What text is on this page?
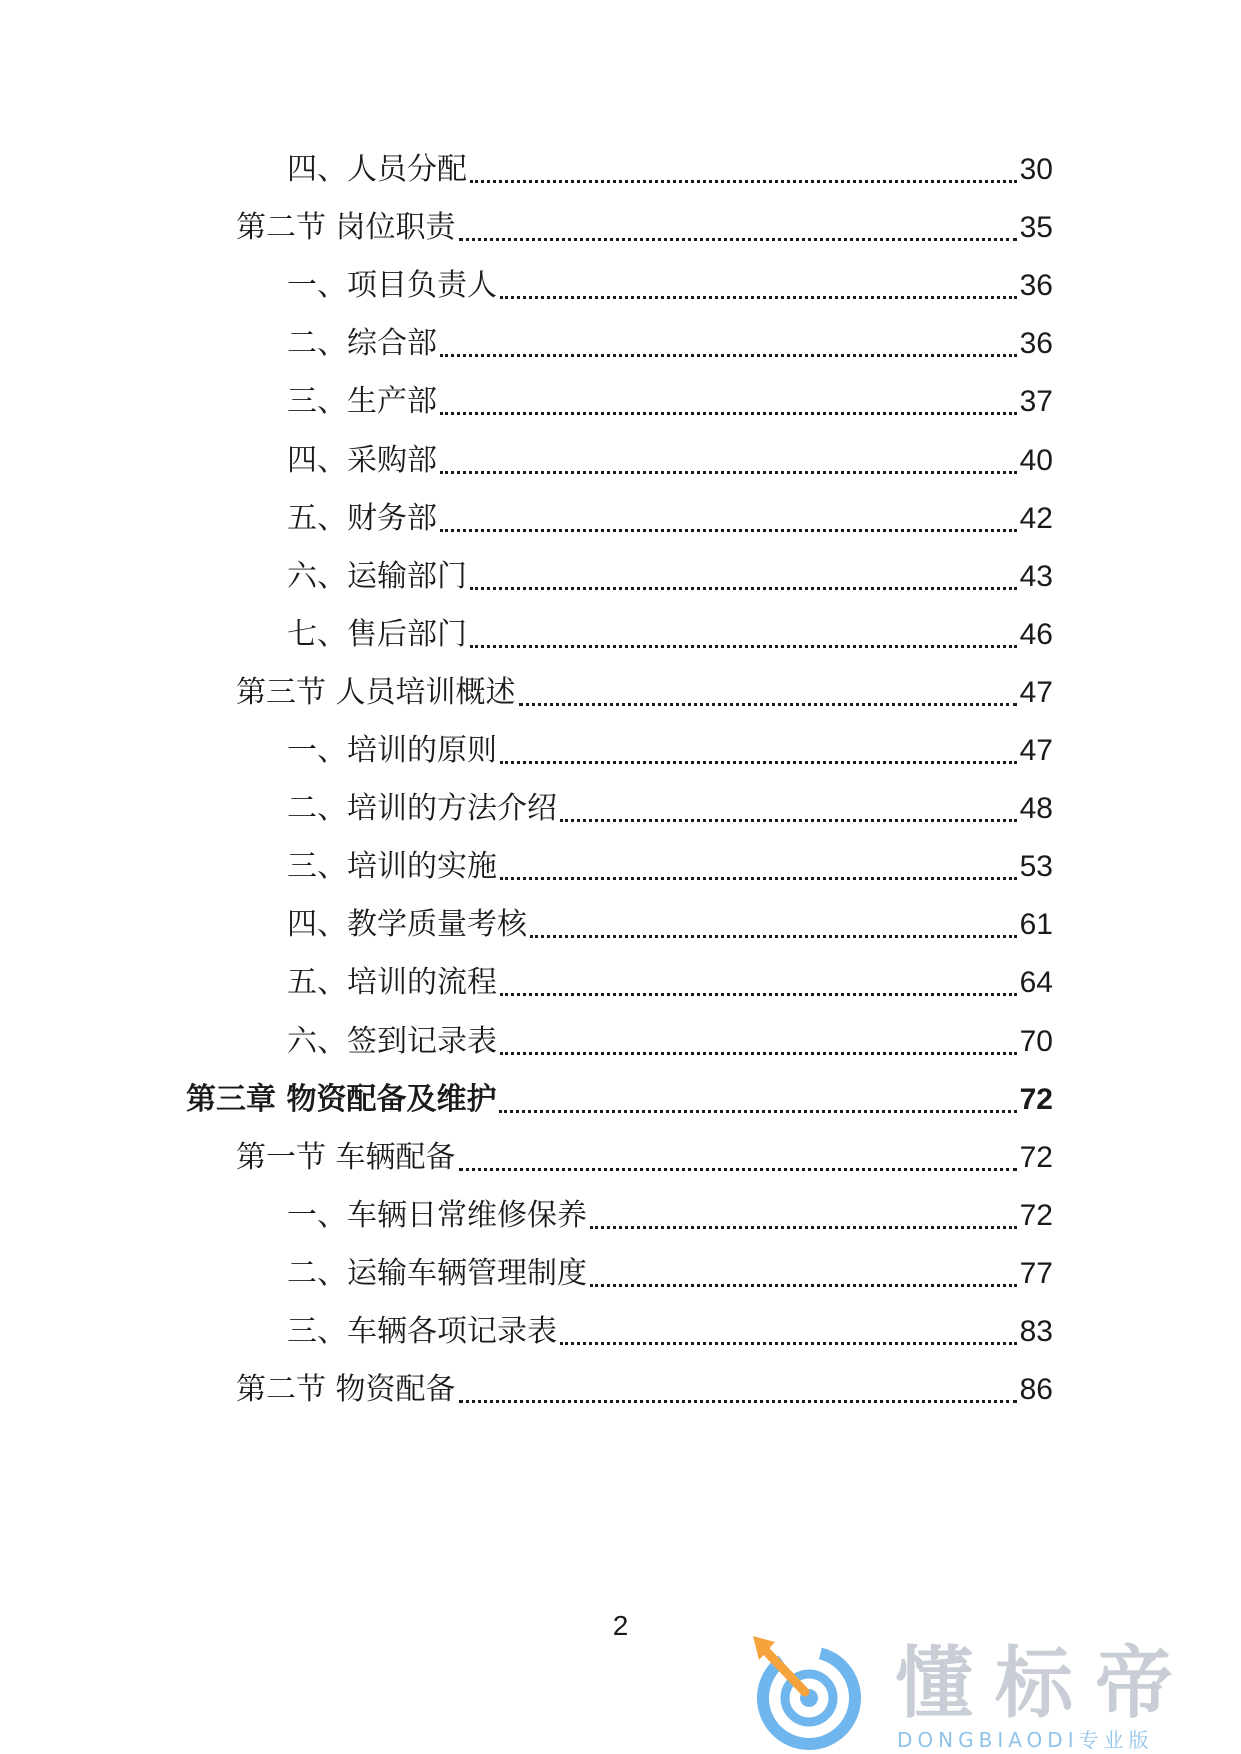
四、人员分配	30
第二节 岗位职责	35
一、项目负责人	36
二、综合部	36
三、生产部	37
四、采购部	40
五、财务部	42
六、运输部门	43
七、售后部门	46
第三节 人员培训概述	47
一、培训的原则	47
二、培训的方法介绍	48
三、培训的实施	53
四、教学质量考核	61
五、培训的流程	64
六、签到记录表	70
第三章 物资配备及维护	72
第一节 车辆配备	72
一、车辆日常维修保养	72
二、运输车辆管理制度	77
三、车辆各项记录表	83
第二节 物资配备	86
2
懂标帝
DONGBIAODI专业版
